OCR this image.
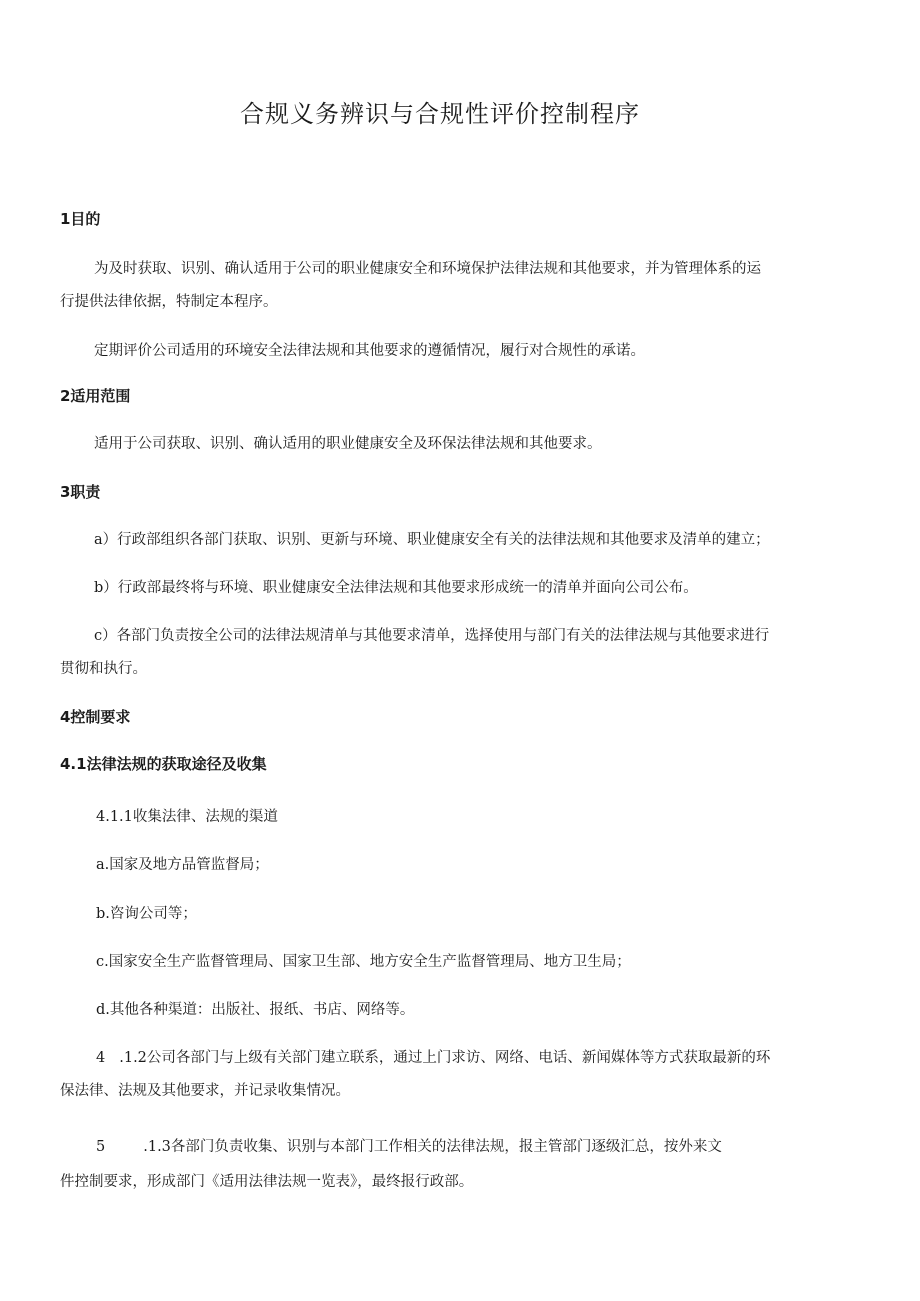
合规义务辨识与合规性评价控制程序
1目的
为及时获取、识别、确认适用于公司的职业健康安全和环境保护法律法规和其他要求，并为管理体系的运
行提供法律依据，特制定本程序。
定期评价公司适用的环境安全法律法规和其他要求的遵循情况，履行对合规性的承诺。
2适用范围
适用于公司获取、识别、确认适用的职业健康安全及环保法律法规和其他要求。
3职责
a）行政部组织各部门获取、识别、更新与环境、职业健康安全有关的法律法规和其他要求及清单的建立；
b）行政部最终将与环境、职业健康安全法律法规和其他要求形成统一的清单并面向公司公布。
c）各部门负责按全公司的法律法规清单与其他要求清单，选择使用与部门有关的法律法规与其他要求进行
贯彻和执行。
4控制要求
4.1法律法规的获取途径及收集
4.1.1收集法律、法规的渠道
a.国家及地方品管监督局；
b.咨询公司等；
c.国家安全生产监督管理局、国家卫生部、地方安全生产监督管理局、地方卫生局；
d.其他各种渠道：出版社、报纸、书店、网络等。
4 .1.2公司各部门与上级有关部门建立联系，通过上门求访、网络、电话、新闻媒体等方式获取最新的环
保法律、法规及其他要求，并记录收集情况。
5	.1.3各部门负责收集、识别与本部门工作相关的法律法规，报主管部门逐级汇总，按外来文
件控制要求，形成部门《适用法律法规一览表》，最终报行政部。
